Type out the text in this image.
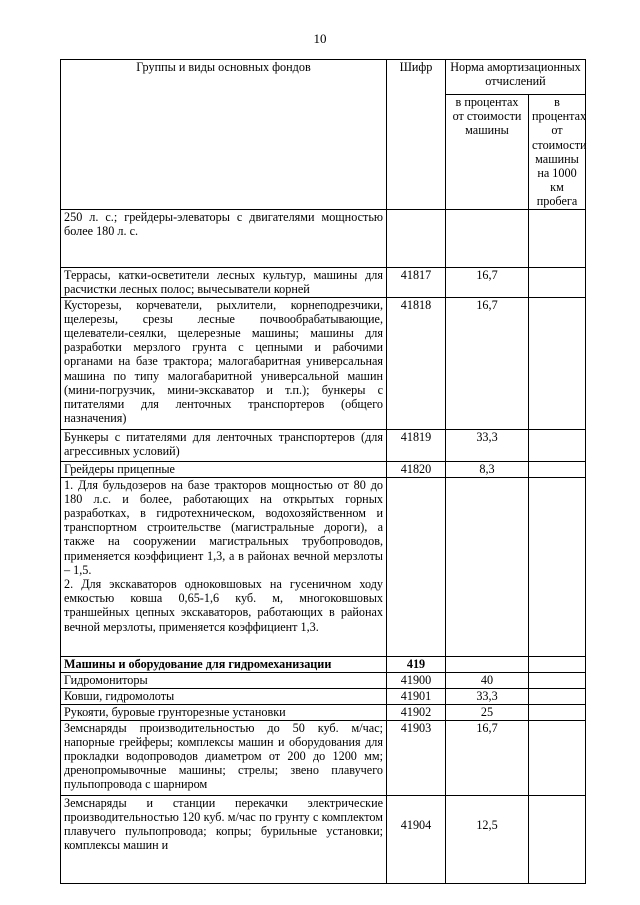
10
Группы и виды основных фондов	Шифр	Норма амортизационных отчислений	
		в процентах от стоимости машины	в процентах от стоимости машины на 1000 км пробега
250 л. с.; грейдеры-элеваторы с двигателями мощностью более 180 л. с.			
Террасы, катки-осветители лесных культур, машины для расчистки лесных полос; вычесыватели корней	41817	16,7	
Кусторезы, корчеватели, рыхлители, корнеподрезчики, щелерезы, срезы лесные почвообрабатывающие, щелеватели-сеялки, щелерезные машины; машины для разработки мерзлого грунта с цепными и рабочими органами на базе трактора; малогабаритная универсальная машина по типу малогабаритной универсальной машин (мини-погрузчик, мини-экскаватор и т.п.); бункеры с питателями для ленточных транспортеров (общего назначения)	41818	16,7	
Бункеры с питателями для ленточных транспортеров (для агрессивных условий)	41819	33,3	
Грейдеры прицепные	41820	8,3	

1. Для бульдозеров на базе тракторов мощностью от 80 до 180 л.с. и более, работающих на открытых горных разработках, в гидротехническом, водохозяйственном и транспортном строительстве (магистральные дороги), а также на сооружении магистральных трубопроводов, применяется коэффициент 1,3, а в районах вечной мерзлоты – 1,5.
2. Для экскаваторов одноковшовых на гусеничном ходу емкостью ковша 0,65-1,6 куб. м, многоковшовых траншейных цепных экскаваторов, работающих в районах вечной мерзлоты, применяется коэффициент 1,3.			

Машины и оборудование для гидромеханизации	419		
Гидромониторы	41900	40	
Ковши, гидромолоты	41901	33,3	
Рукояти, буровые грунторезные установки	41902	25	
Земснаряды производительностью до 50 куб. м/час; напорные грейферы; комплексы машин и оборудования для прокладки водопроводов диаметром от 200 до 1200 мм; дренопромывочные машины; стрелы; звено плавучего пульпопровода с шарниром	41903	16,7	
Земснаряды и станции перекачки электрические производительностью 120 куб. м/час по грунту с комплектом плавучего пульпопровода; копры; бурильные установки; комплексы машин и	41904	12,5	
